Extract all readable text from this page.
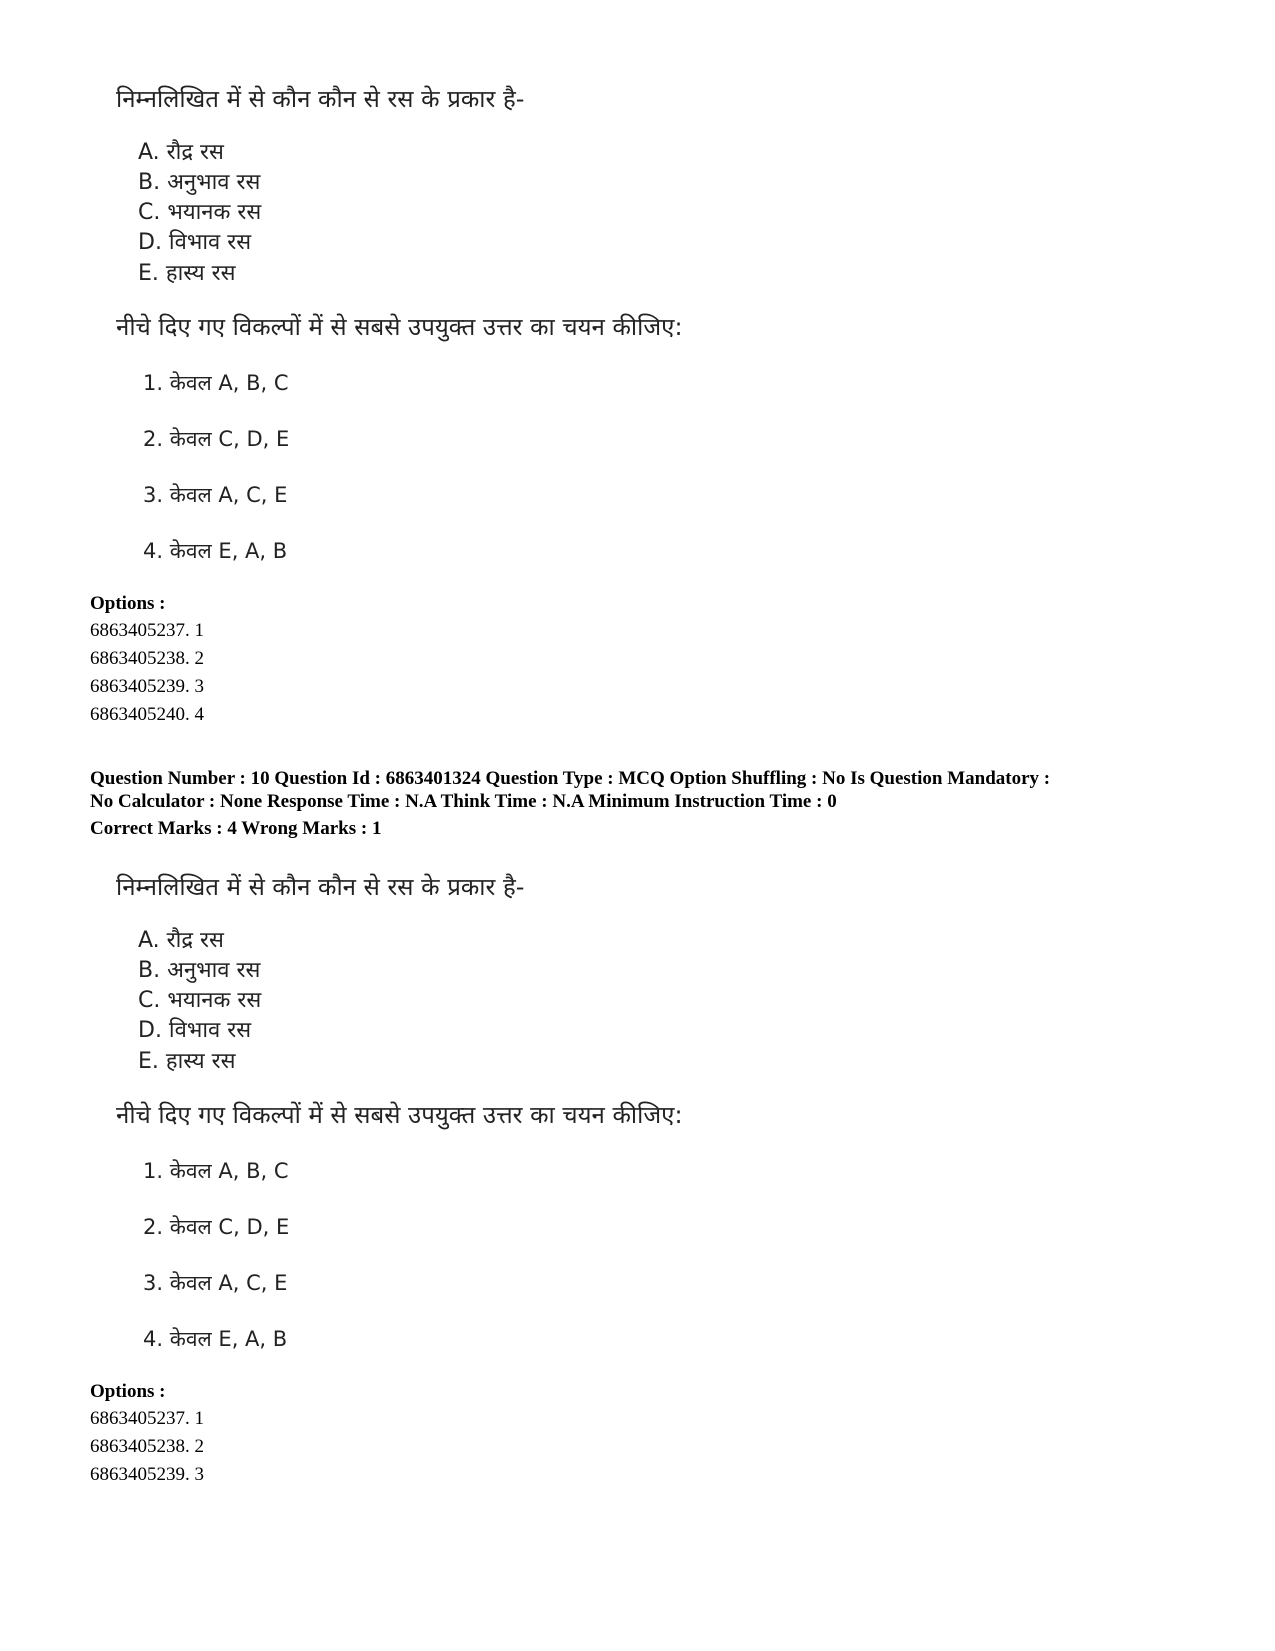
निम्नलिखित में से कौन कौन से रस के प्रकार है-
A. रौद्र रस
B. अनुभाव रस
C. भयानक रस
D. विभाव रस
E. हास्य रस
नीचे दिए गए विकल्पों में से सबसे उपयुक्त उत्तर का चयन कीजिए:
1. केवल A, B, C
2. केवल C, D, E
3. केवल A, C, E
4. केवल E, A, B
Options :
6863405237. 1
6863405238. 2
6863405239. 3
6863405240. 4
Question Number : 10 Question Id : 6863401324 Question Type : MCQ Option Shuffling : No Is Question Mandatory :
No Calculator : None Response Time : N.A Think Time : N.A Minimum Instruction Time : 0
Correct Marks : 4 Wrong Marks : 1
निम्नलिखित में से कौन कौन से रस के प्रकार है-
A. रौद्र रस
B. अनुभाव रस
C. भयानक रस
D. विभाव रस
E. हास्य रस
नीचे दिए गए विकल्पों में से सबसे उपयुक्त उत्तर का चयन कीजिए:
1. केवल A, B, C
2. केवल C, D, E
3. केवल A, C, E
4. केवल E, A, B
Options :
6863405237. 1
6863405238. 2
6863405239. 3
